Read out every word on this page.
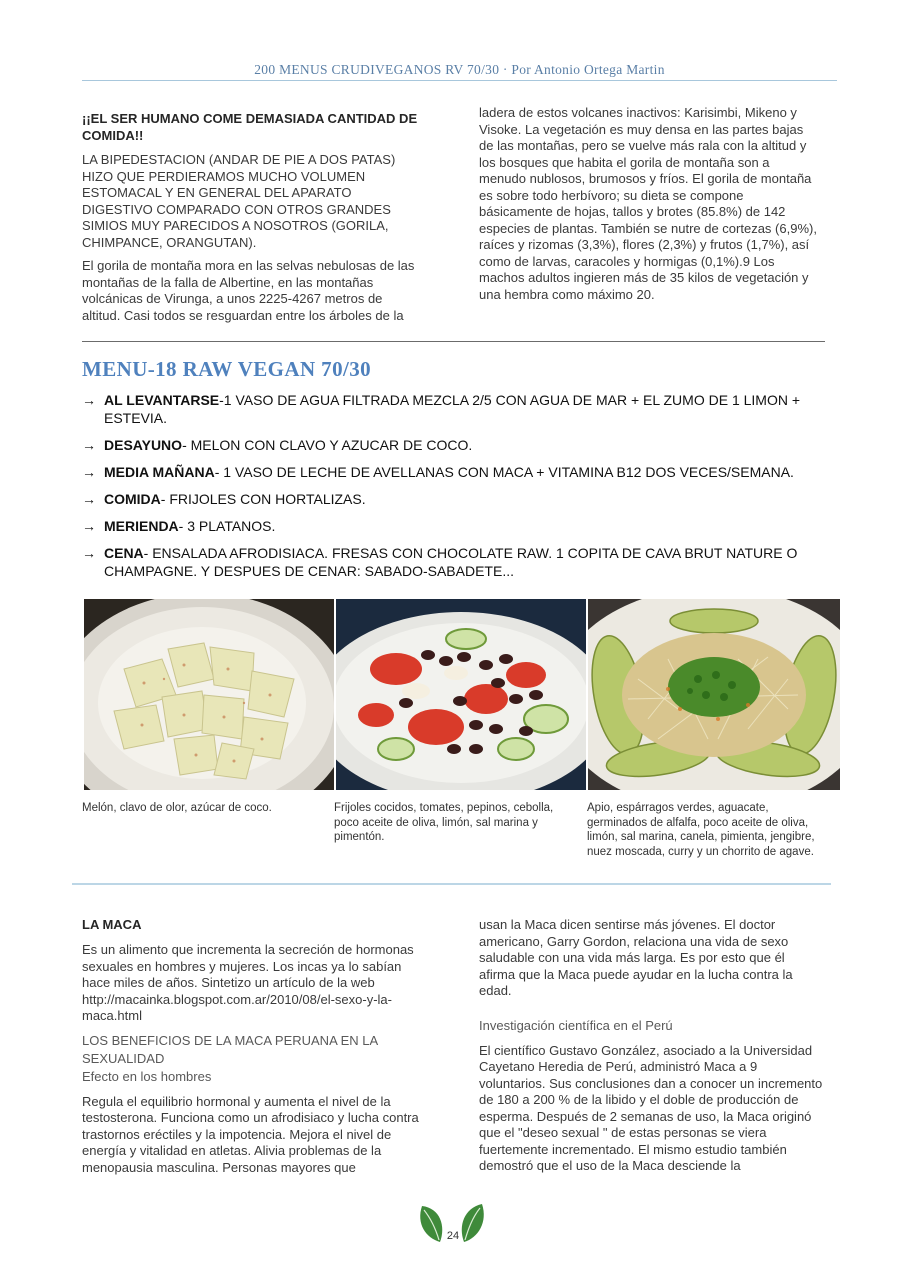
200 MENUS CRUDIVEGANOS RV 70/30 · Por Antonio Ortega Martin
¡¡EL SER HUMANO COME DEMASIADA CANTIDAD DE COMIDA!!

LA BIPEDESTACION (ANDAR DE PIE A DOS PATAS) HIZO QUE PERDIERAMOS MUCHO VOLUMEN ESTOMACAL Y EN GENERAL DEL APARATO DIGESTIVO COMPARADO CON OTROS GRANDES SIMIOS MUY PARECIDOS A NOSOTROS (GORILA, CHIMPANCE, ORANGUTAN).

El gorila de montaña mora en las selvas nebulosas de las montañas de la falla de Albertine, en las montañas volcánicas de Virunga, a unos 2225-4267 metros de altitud. Casi todos se resguardan entre los árboles de la

ladera de estos volcanes inactivos: Karisimbi, Mikeno y Visoke. La vegetación es muy densa en las partes bajas de las montañas, pero se vuelve más rala con la altitud y los bosques que habita el gorila de montaña son a menudo nublosos, brumosos y fríos. El gorila de montaña es sobre todo herbívoro; su dieta se compone básicamente de hojas, tallos y brotes (85.8%) de 142 especies de plantas. También se nutre de cortezas (6,9%), raíces y rizomas (3,3%), flores (2,3%) y frutos (1,7%), así como de larvas, caracoles y hormigas (0,1%).9 Los machos adultos ingieren más de 35 kilos de vegetación y una hembra como máximo 20.

MENU-18 RAW VEGAN 70/30
→ AL LEVANTARSE-1 VASO DE AGUA FILTRADA MEZCLA 2/5 CON AGUA DE MAR + EL ZUMO DE 1 LIMON + ESTEVIA.
→ DESAYUNO- MELON CON CLAVO Y AZUCAR DE COCO.
→ MEDIA MAÑANA- 1 VASO DE LECHE DE AVELLANAS CON MACA + VITAMINA B12 DOS VECES/SEMANA.
→ COMIDA- FRIJOLES CON HORTALIZAS.
→ MERIENDA- 3 PLATANOS.
→ CENA- ENSALADA AFRODISIACA. FRESAS CON CHOCOLATE RAW. 1 COPITA DE CAVA BRUT NATURE O CHAMPAGNE. Y DESPUES DE CENAR: SABADO-SABADETE...
Melón, clavo de olor, azúcar de coco.	Frijoles cocidos, tomates, pepinos, cebolla, poco aceite de oliva, limón, sal marina y pimentón.
Apio, espárragos verdes, aguacate, germinados de alfalfa, poco aceite de oliva, limón, sal marina, canela, pimienta, jengibre, nuez moscada, curry y un chorrito de agave.
LA MACA

Es un alimento que incrementa la secreción de hormonas sexuales en hombres y mujeres. Los incas ya lo sabían hace miles de años. Sintetizo un artículo de la web http://macainka.blogspot.com.ar/2010/08/el-sexo-y-la-maca.html

LOS BENEFICIOS DE LA MACA PERUANA EN LA SEXUALIDAD
Efecto en los hombres

Regula el equilibrio hormonal y aumenta el nivel de la testosterona. Funciona como un afrodisiaco y lucha contra trastornos eréctiles y la impotencia. Mejora el nivel de energía y vitalidad en atletas. Alivia problemas de la menopausia masculina. Personas mayores que

usan la Maca dicen sentirse más jóvenes. El doctor americano, Garry Gordon, relaciona una vida de sexo saludable con una vida más larga. Es por esto que él afirma que la Maca puede ayudar en la lucha contra la edad.

Investigación científica en el Perú

El científico Gustavo González, asociado a la Universidad Cayetano Heredia de Perú, administró Maca a 9 voluntarios. Sus conclusiones dan a conocer un incremento de 180 a 200 % de la libido y el doble de producción de esperma. Después de 2 semanas de uso, la Maca originó que el "deseo sexual " de estas personas se viera fuertemente incrementado. El mismo estudio también demostró que el uso de la Maca desciende la

24
